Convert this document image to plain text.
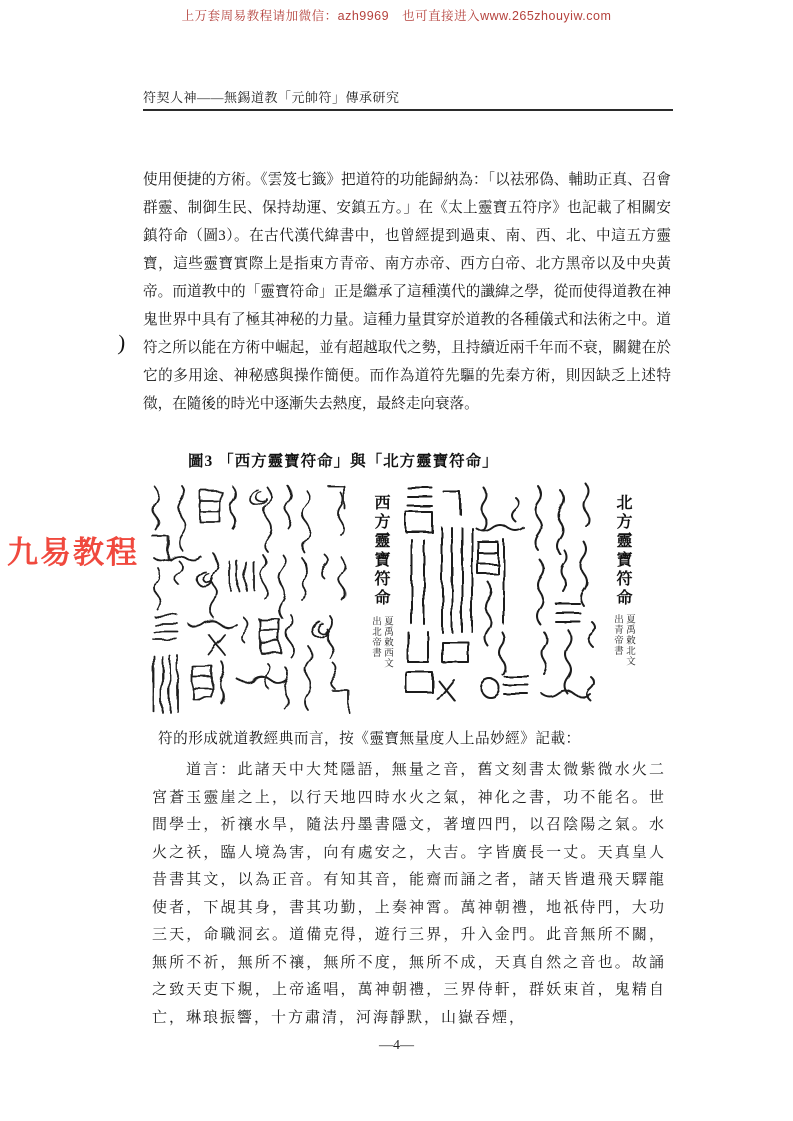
上万套周易教程请加微信：azh9969　也可直接进入www.265zhouyiw.com
符契人神——無錫道教「元帥符」傳承研究
使用便捷的方術。《雲笈七籤》把道符的功能歸納為：「以祛邪偽、輔助正真、召會群靈、制御生民、保持劫運、安鎮五方。」在《太上靈寶五符序》也記載了相關安鎮符命（圖3）。在古代漢代緯書中，也曾經提到過東、南、西、北、中這五方靈寶，這些靈寶實際上是指東方青帝、南方赤帝、西方白帝、北方黑帝以及中央黃帝。而道教中的「靈寶符命」正是繼承了這種漢代的讖緯之學，從而使得道教在神鬼世界中具有了極其神秘的力量。這種力量貫穿於道教的各種儀式和法術之中。道符之所以能在方術中崛起，並有超越取代之勢，且持續近兩千年而不衰，關鍵在於它的多用途、神秘感與操作簡便。而作為道符先驅的先秦方術，則因缺乏上述特徵，在隨後的時光中逐漸失去熱度，最終走向衰落。
)
九易教程
圖3 「西方靈寶符命」與「北方靈寶符命」
西方靈寶符命
夏禹敕西文
出北帝書
北方靈寶符命
夏禹敕北文
出青帝書
符的形成就道教經典而言，按《靈寶無量度人上品妙經》記載：
道言：此諸天中大梵隱語，無量之音，舊文刻書太微紫微水火二宮蒼玉靈崖之上，以行天地四時水火之氣，神化之書，功不能名。世間學士，祈禳水旱，隨法丹墨書隱文，著壇四門，以召陰陽之氣。水火之祅，臨人境為害，向有處安之，大吉。字皆廣長一丈。天真皇人昔書其文，以為正音。有知其音，能齋而誦之者，諸天皆遣飛天驛龍使者，下覘其身，書其功勤，上奏神霄。萬神朝禮，地祇侍門，大功三天，命職洞玄。道備克得，遊行三界，升入金門。此音無所不關，無所不祈，無所不禳，無所不度，無所不成，天真自然之音也。故誦之致天吏下覜，上帝遙唱，萬神朝禮，三界侍軒，群妖束首，鬼精自亡，琳琅振響，十方肅清，河海靜默，山嶽吞煙，
—4—
